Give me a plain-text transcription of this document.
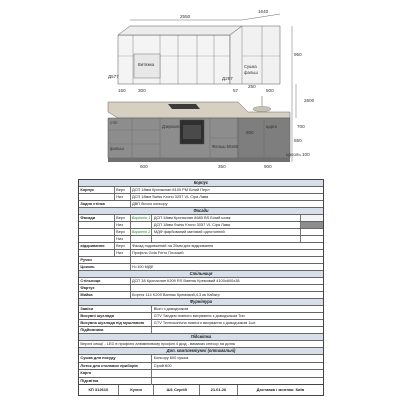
2550
1640
950
2600
700
850
цоколь 100
Д577	Д297
300
150	57
250
500
600	350	900
600
Витяжка	Сушка
фальш
Фальш 50х50
фальш
Дзеркало	царга
стіл
Корпус
Корпус	Верх	ДСП 18мм Кронаспан 8100 PM Білий Перл
Низ	ДСП 18мм Swiss Krono 3257 VL Сіра Лава
Задня стінка	ДВП білого кольору
Фасади
Фасади	Верх	Варіант 1 ДСП 18мм Кронаспан 8685 BS Білий шовк
Низ	ДСП 18мм Swiss Krono 3057 VL Сіра Лава
Верх	Варіант 2 МДФ фарбований матовий однотонний
Низ
відкривання	Верх	Фасад подовжений на 20мм для відкривання
Низ	Профіль Gola Ferro Плоский
Ручки
Цоколь	Н=100 МДФ
Стільниця
Стільниця	ДСП 38 Кронаспан К209 RS Вапняк Кремовий 4100х600х38
Фартух
Мийка	Бортек 114 K209 Вапняк Кремовий,4,3 кв Кайзер
Фурнітура
Завіси	Blum з доводчиком
Висувні шухляди	GTV Тандем повного висування з доводчиком Тип
Висувна шухляда під мушловою	GTV Телескопічна повного висування з доводчиком 1шт.
Підйомники
Підсвітка
Верхні секції - LED в профілю алюмінієвому профілі 4 діод - вимикач сенсор на дотик
Доп. комплектуючі (оптимальні)
Сушка для посуду	Кольору 600 сушка
Лоток для столових приборів	Сірий 600
Карго
Підсвітка
КП 312610	Кухня	Ш1 Сергій	21.01.26	Доставка і монтаж: Київ
